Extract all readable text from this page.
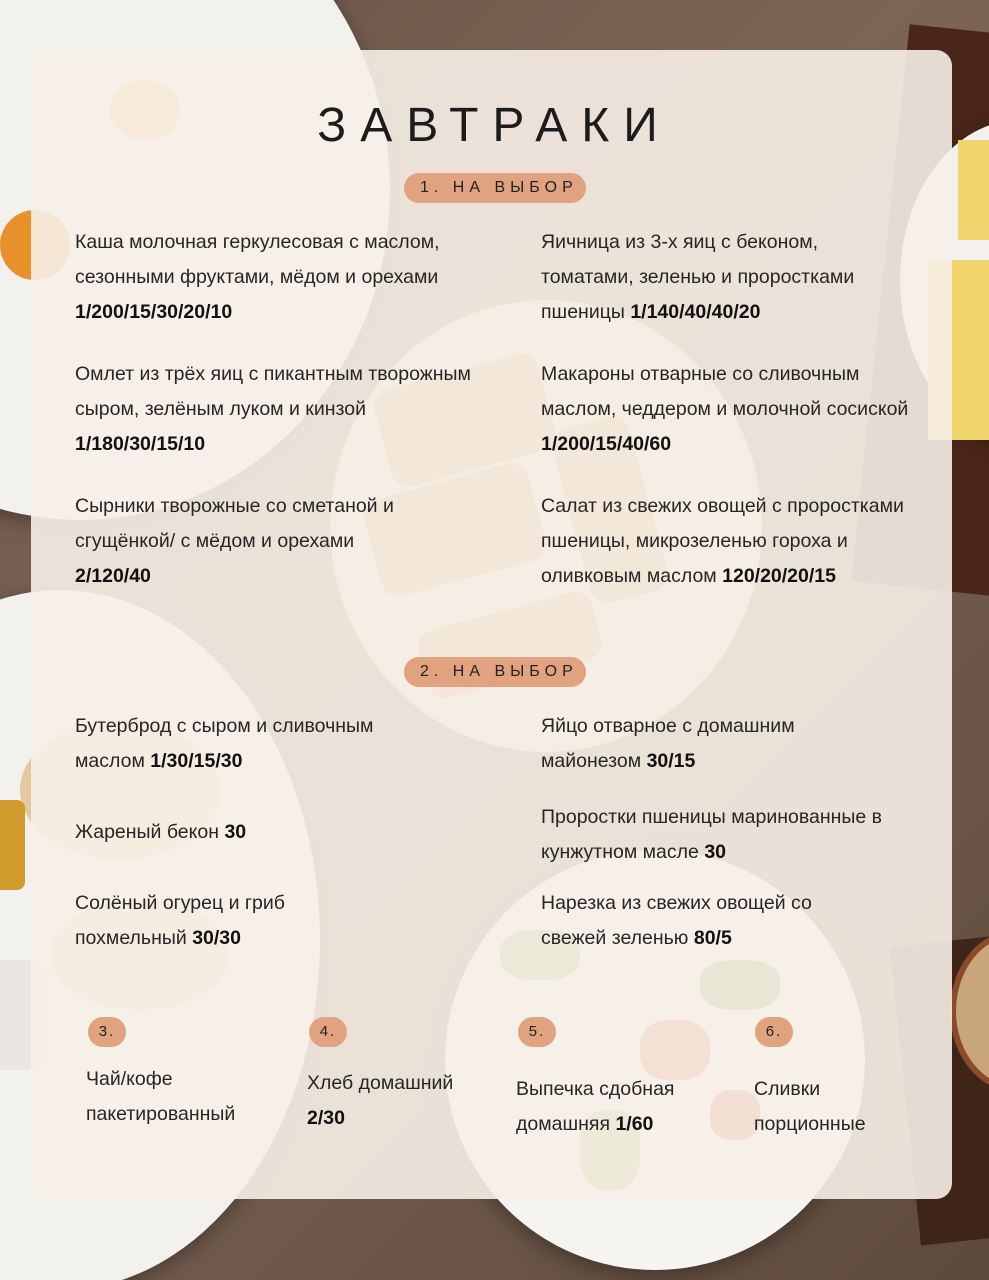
ЗАВТРАКИ
1. НА ВЫБОР
Каша молочная геркулесовая с маслом, сезонными фруктами, мёдом и орехами 1/200/15/30/20/10
Яичница из 3-х яиц с беконом, томатами, зеленью и проростками пшеницы 1/140/40/40/20
Омлет из трёх яиц с пикантным творожным сыром, зелёным луком и кинзой 1/180/30/15/10
Макароны отварные со сливочным маслом, чеддером и молочной сосиской 1/200/15/40/60
Сырники творожные со сметаной и сгущёнкой/ с мёдом и орехами
2/120/40
Салат из свежих овощей с проростками пшеницы, микрозеленью гороха и оливковым маслом 120/20/20/15
2. НА ВЫБОР
Бутерброд с сыром и сливочным маслом 1/30/15/30
Яйцо отварное с домашним майонезом 30/15
Жареный бекон 30
Проростки пшеницы маринованные в кунжутном масле 30
Солёный огурец и гриб похмельный 30/30
Нарезка из свежих овощей со свежей зеленью 80/5
3.
Чай/кофе пакетированный
4.
Хлеб домашний 2/30
5.
Выпечка сдобная домашняя 1/60
6.
Сливки порционные
